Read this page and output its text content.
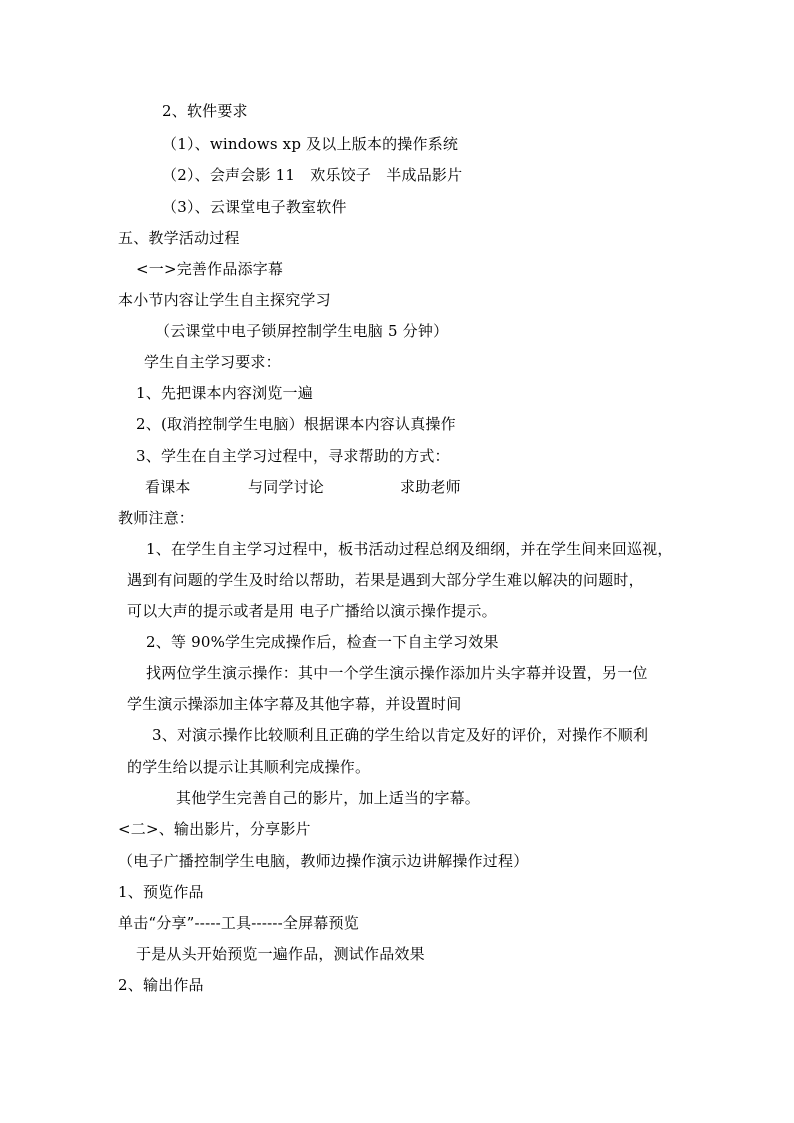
2、软件要求
（1）、windows xp 及以上版本的操作系统
（2）、会声会影 11　欢乐饺子　半成品影片
（3）、云课堂电子教室软件
五、教学活动过程
<一>完善作品添字幕
本小节内容让学生自主探究学习
（云课堂中电子锁屏控制学生电脑 5 分钟）
学生自主学习要求：
1、先把课本内容浏览一遍
2、(取消控制学生电脑）根据课本内容认真操作
3、学生在自主学习过程中，寻求帮助的方式：
看课本	与同学讨论	求助老师
教师注意：
1、在学生自主学习过程中，板书活动过程总纲及细纲，并在学生间来回巡视，
遇到有问题的学生及时给以帮助，若果是遇到大部分学生难以解决的问题时，
可以大声的提示或者是用 电子广播给以演示操作提示。
2、等 90%学生完成操作后，检查一下自主学习效果
找两位学生演示操作：其中一个学生演示操作添加片头字幕并设置，另一位
学生演示操添加主体字幕及其他字幕，并设置时间
3、对演示操作比较顺利且正确的学生给以肯定及好的评价，对操作不顺利
的学生给以提示让其顺利完成操作。
其他学生完善自己的影片，加上适当的字幕。
<二>、输出影片，分享影片
（电子广播控制学生电脑，教师边操作演示边讲解操作过程）
1、预览作品
单击“分享”-----工具------全屏幕预览
于是从头开始预览一遍作品，测试作品效果
2、输出作品
